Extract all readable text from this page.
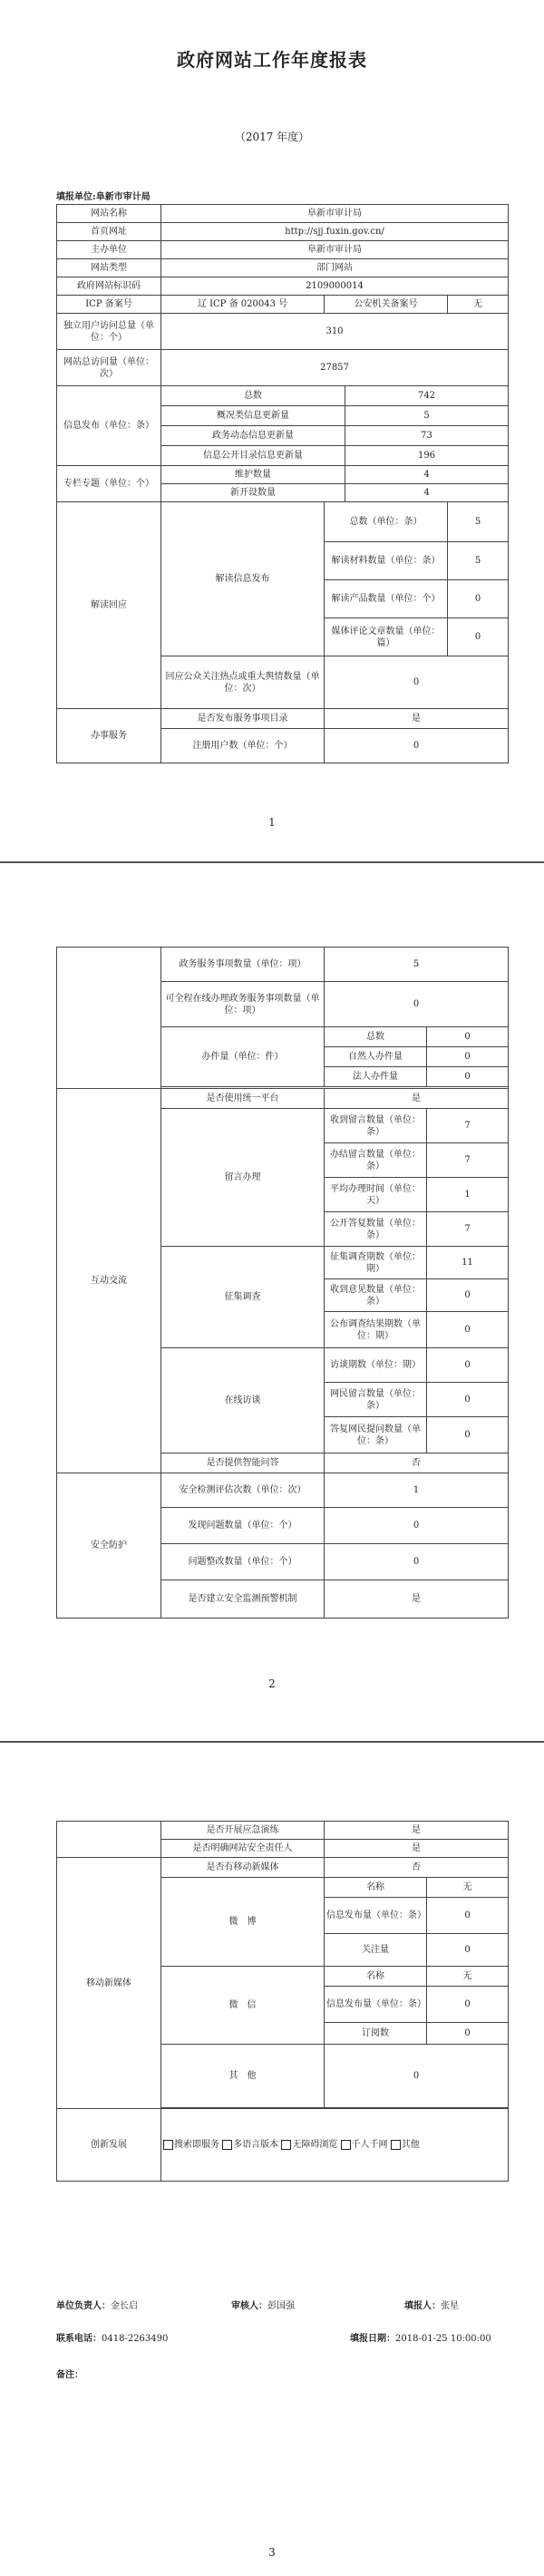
政府网站工作年度报表
（2017 年度）
填报单位:阜新市审计局
网站名称	阜新市审计局			
首页网址	http://sjj.fuxin.gov.cn/			
主办单位	阜新市审计局			
网站类型	部门网站			
政府网站标识码	2109000014			
ICP 备案号	辽 ICP 备 020043 号	公安机关备案号		无
独立用户访问总量（单位：个）	310			
网站总访问量（单位：次）	27857			
信息发布（单位：条）	总数		742	
	概况类信息更新量		5	
	政务动态信息更新量		73	
	信息公开目录信息更新量		196	
专栏专题（单位：个）	维护数量		4	
	新开设数量		4	
解读回应	解读信息发布	总数（单位：条）		5
		解读材料数量（单位：条）		5
		解读产品数量（单位：个）		0
		媒体评论文章数量（单位：篇）		0
	回应公众关注热点或重大舆情数量（单位：次）	0		
办事服务	是否发布服务事项目录	是		
	注册用户数（单位：个）	0		
1
	政务服务事项数量（单位：项）	5	
	可全程在线办理政务服务事项数量（单位：项）	0	
	办件量（单位：件）	总数	0
		自然人办件量	0
		法人办件量	0

互动交流	是否使用统一平台	是	
	留言办理	收到留言数量（单位：条）	7
		办结留言数量（单位：条）	7
		平均办理时间（单位：天）	1
		公开答复数量（单位：条）	7
	征集调查	征集调查期数（单位：期）	11
		收到意见数量（单位：条）	0
		公布调查结果期数（单位：期）	0
	在线访谈	访谈期数（单位：期）	0
		网民留言数量（单位：条）	0
		答复网民提问数量（单位：条）	0
	是否提供智能问答	否	
安全防护	安全检测评估次数（单位：次）	1	
	发现问题数量（单位：个）	0	
	问题整改数量（单位：个）	0	
	是否建立安全监测预警机制	是	
2
	是否开展应急演练	是	
	是否明确网站安全责任人	是	
移动新媒体	是否有移动新媒体	否	
	微　博	名称	无
		信息发布量（单位：条）	0
		关注量	0
	微　信	名称	无
		信息发布量（单位：条）	0
		订阅数	0
	其　他	0	

创新发展	搜索即服务 多语言版本 无障碍浏览 千人千网 其他		
单位负责人：金长启	审核人：彭国强	填报人：张星
联系电话：0418-2263490	填报日期：2018-01-25 10:00:00
备注：
3
